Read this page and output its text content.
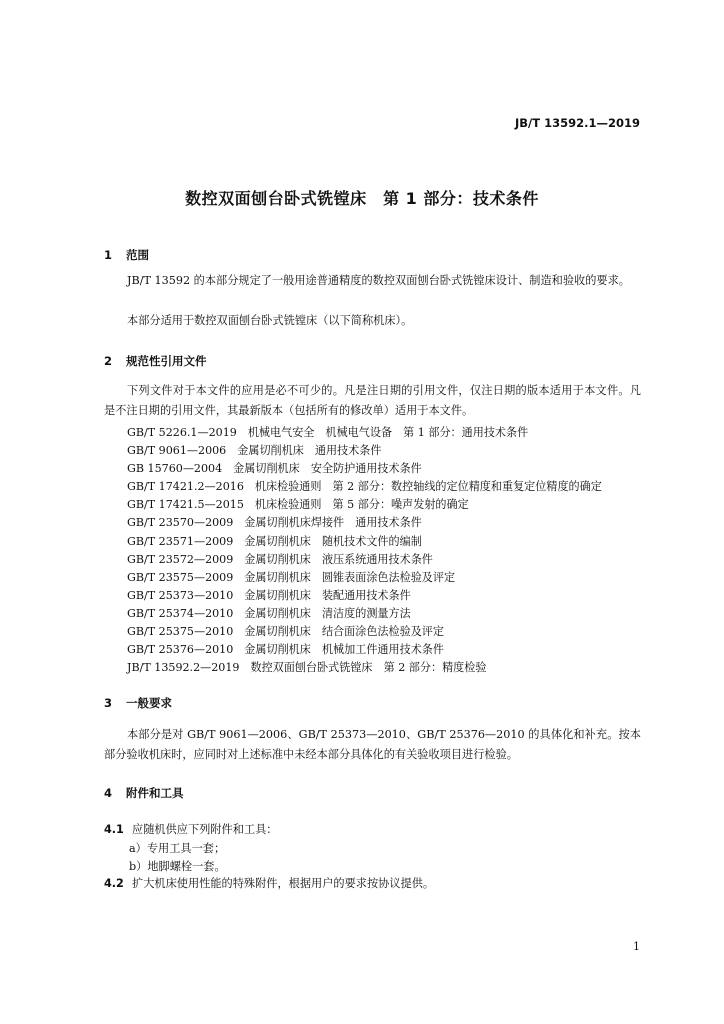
JB/T 13592.1—2019
数控双面刨台卧式铣镗床　第 1 部分：技术条件
1 范围

JB/T 13592 的本部分规定了一般用途普通精度的数控双面刨台卧式铣镗床设计、制造和验收的要求。

本部分适用于数控双面刨台卧式铣镗床（以下简称机床）。

2 规范性引用文件

下列文件对于本文件的应用是必不可少的。凡是注日期的引用文件，仅注日期的版本适用于本文件。凡是不注日期的引用文件，其最新版本（包括所有的修改单）适用于本文件。

GB/T 5226.1—2019 机械电气安全　机械电气设备　第 1 部分：通用技术条件
GB/T 9061—2006 金属切削机床　通用技术条件
GB 15760—2004 金属切削机床　安全防护通用技术条件
GB/T 17421.2—2016 机床检验通则　第 2 部分：数控轴线的定位精度和重复定位精度的确定
GB/T 17421.5—2015 机床检验通则　第 5 部分：噪声发射的确定
GB/T 23570—2009 金属切削机床焊接件　通用技术条件
GB/T 23571—2009 金属切削机床　随机技术文件的编制
GB/T 23572—2009 金属切削机床　液压系统通用技术条件
GB/T 23575—2009 金属切削机床　圆锥表面涂色法检验及评定
GB/T 25373—2010 金属切削机床　装配通用技术条件
GB/T 25374—2010 金属切削机床　清洁度的测量方法
GB/T 25375—2010 金属切削机床　结合面涂色法检验及评定
GB/T 25376—2010 金属切削机床　机械加工件通用技术条件
JB/T 13592.2—2019 数控双面刨台卧式铣镗床　第 2 部分：精度检验
3 一般要求

本部分是对 GB/T 9061—2006、GB/T 25373—2010、GB/T 25376—2010 的具体化和补充。按本部分验收机床时，应同时对上述标准中未经本部分具体化的有关验收项目进行检验。

4 附件和工具
4.1 应随机供应下列附件和工具：
a）专用工具一套；
b）地脚螺栓一套。
4.2 扩大机床使用性能的特殊附件，根据用户的要求按协议提供。
1
